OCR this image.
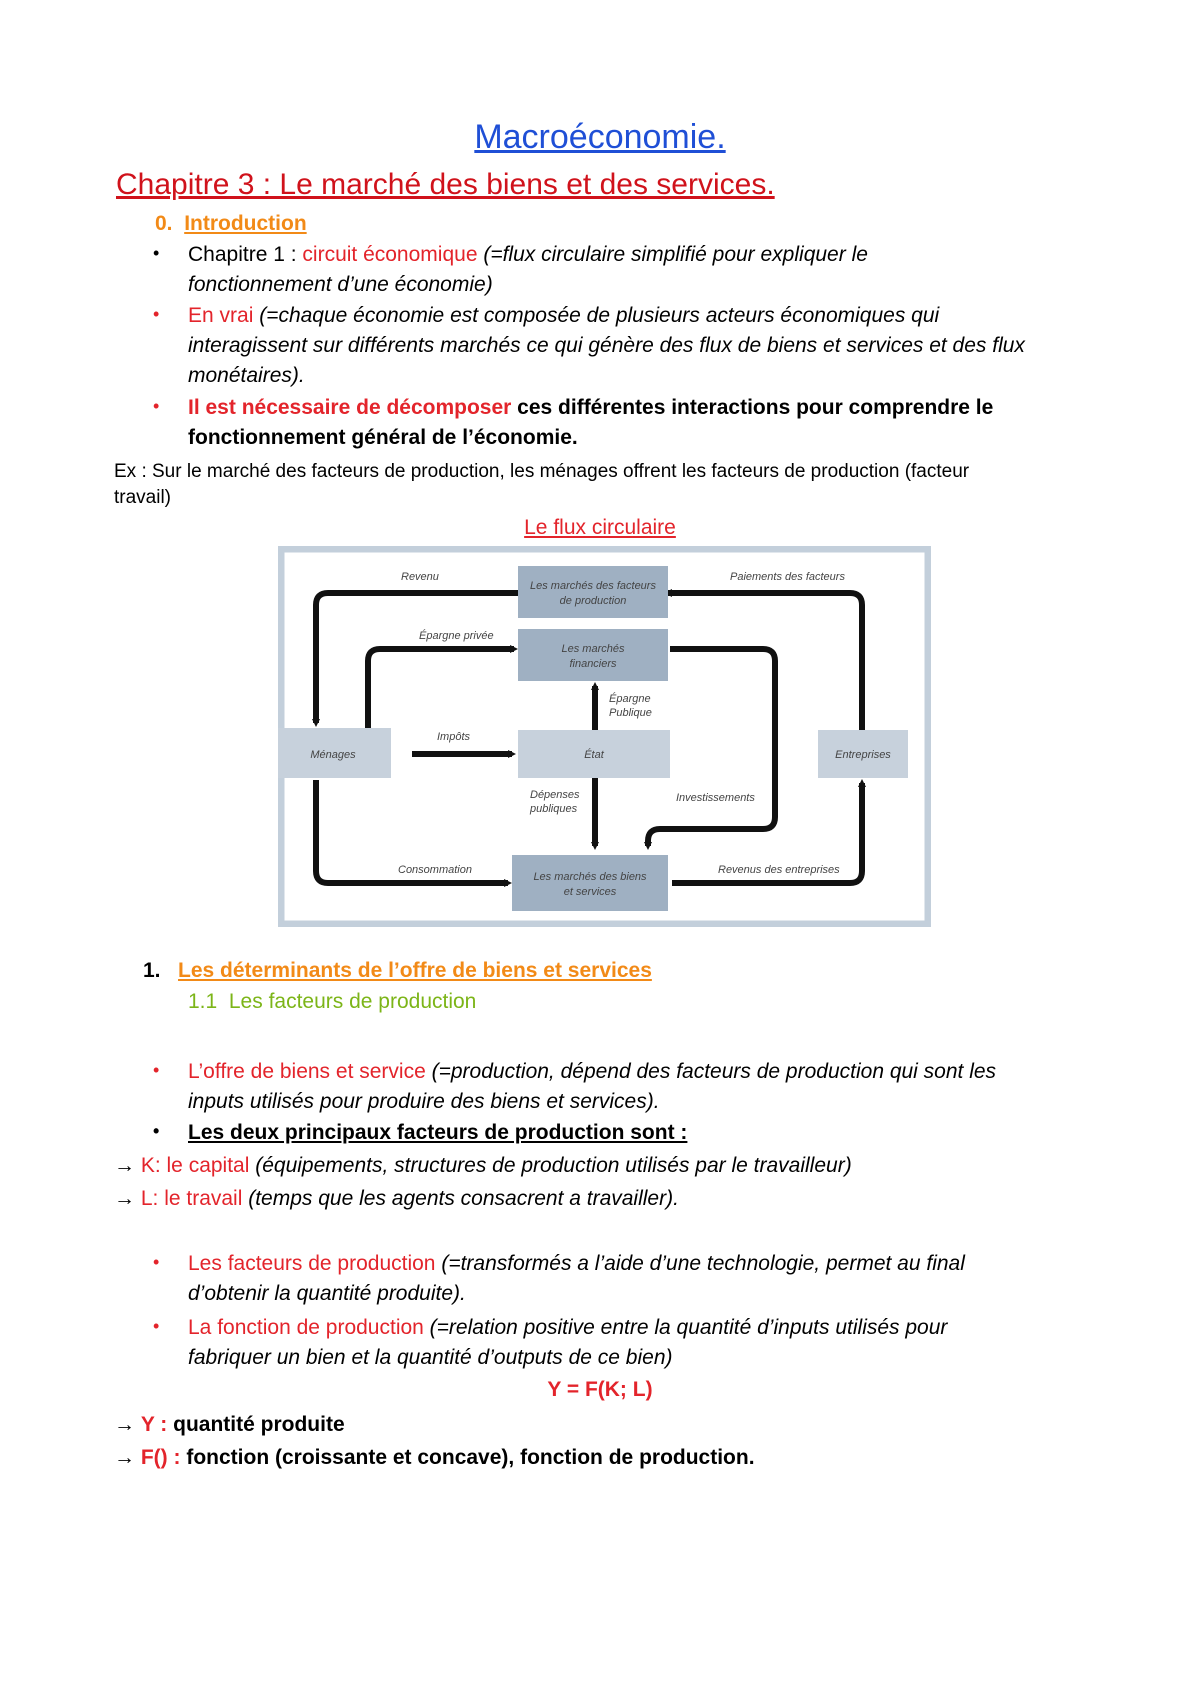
Macroéconomie.
Chapitre 3 : Le marché des biens et des services.
0. Introduction
• Chapitre 1 : circuit économique (=flux circulaire simplifié pour expliquer le
fonctionnement d’une économie)
• En vrai (=chaque économie est composée de plusieurs acteurs économiques qui
interagissent sur différents marchés ce qui génère des flux de biens et services et des flux
monétaires).
• Il est nécessaire de décomposer ces différentes interactions pour comprendre le
fonctionnement général de l’économie.
Ex : Sur le marché des facteurs de production, les ménages offrent les facteurs de production (facteur
travail)
Le flux circulaire
Les marchés des facteurs
de production
Les marchés
financiers
Ménages	État	Entreprises
Les marchés des biens
et services
Revenu	Paiements des facteurs
Épargne privée
Épargne
Publique
Impôts
Dépenses
publiques
Investissements
Consommation	Revenus des entreprises
1. Les déterminants de l’offre de biens et services
1.1 Les facteurs de production
• L’offre de biens et service (=production, dépend des facteurs de production qui sont les
inputs utilisés pour produire des biens et services).
• Les deux principaux facteurs de production sont :
→ K: le capital (équipements, structures de production utilisés par le travailleur)
→ L: le travail (temps que les agents consacrent a travailler).
• Les facteurs de production (=transformés a l’aide d’une technologie, permet au final
d’obtenir la quantité produite).
• La fonction de production (=relation positive entre la quantité d’inputs utilisés pour
fabriquer un bien et la quantité d’outputs de ce bien)
Y = F(K; L)
→ Y : quantité produite
→ F() : fonction (croissante et concave), fonction de production.
